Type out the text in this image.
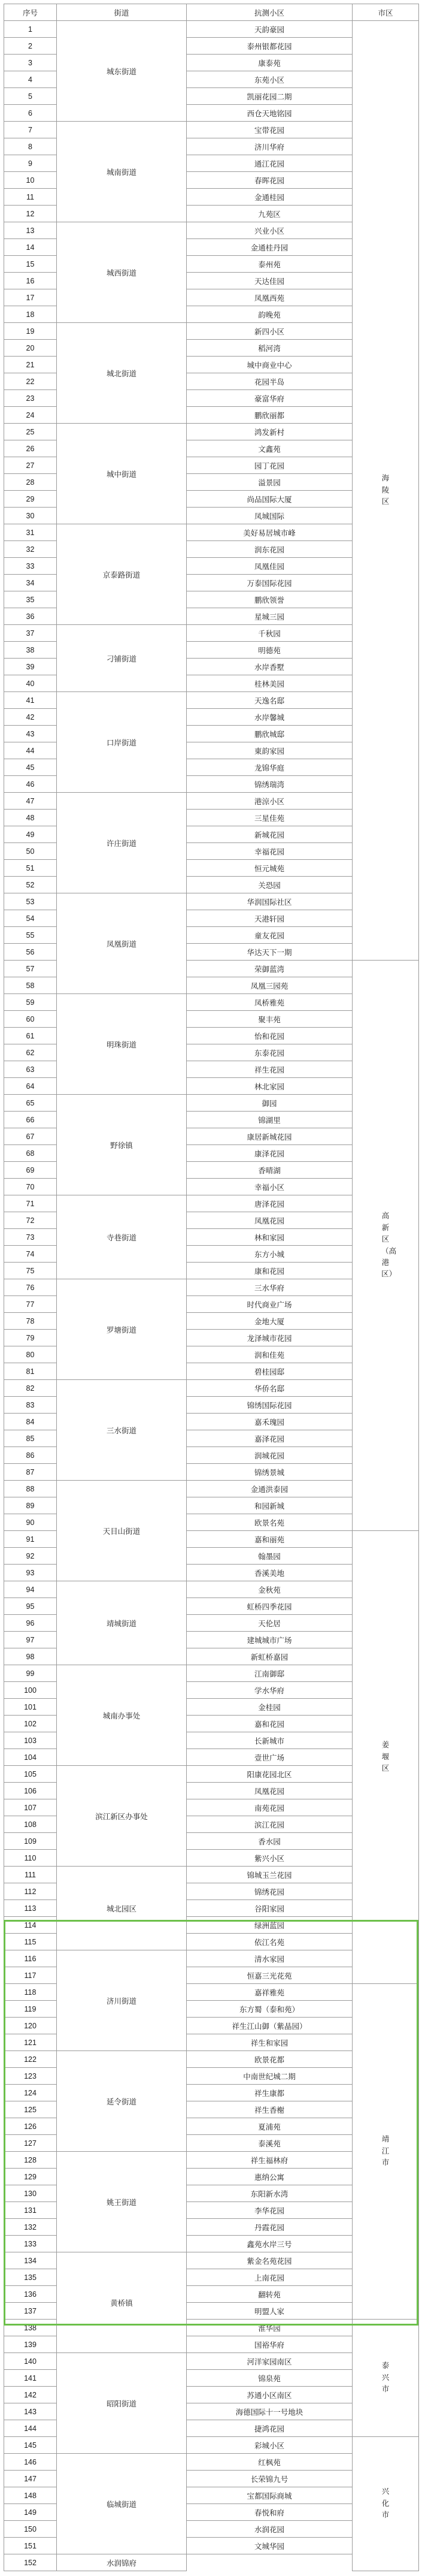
序号	街道	抗测小区	市区
1	城东街道	天韵豪园	海陵区
2		泰州银都花园	
3		康泰苑	
4		东苑小区	
5		凯丽花园二期	
6		西仓天地铭园	
7	城南街道	宝带花园	
8		济川华府	
9		通江花园	
10		春晖花园	
11		金通桂园	
12		九苑区	
13	城西街道	兴业小区	
14		金通桂丹园	
15		泰州苑	
16		天达佳园	
17		凤凰西苑	
18		韵晚苑	
19	城北街道	新四小区	
20		稻河湾	
21		城中商业中心	
22		花园半岛	
23		豪富华府	
24		鹏欣丽都	
25	城中街道	鸿发新村	
26		文鑫苑	
27		园丁花园	
28		溢景园	
29		尚品国际大厦	
30		凤城国际	
31	京泰路街道	美好易居城市峰	
32		润东花园	
33		凤凰佳园	
34		万泰国际花园	
35		鹏欣领誉	
36		星城三园	
37	刁铺街道	千秋园	
38		明德苑	
39		水岸香墅	
40		桂林美园	
41	口岸街道	天逸名邸	
42		水岸馨城	
43		鹏欣城邸	
44		東韵家园	
45		龙锦华庭	
46		锦绣瑞湾	
47	许庄街道	港涼小区	
48		三星佳苑	
49		新城花园	
50		幸福花园	
51		恒元城苑	
52		关恐园	
53	凤凰街道	华润国际社区	
54		天港轩园	
55		童友花园	
56		华达天下一期	
57		荣御蓝湾	高新区（高港区）
58		凤凰三园苑	
59	明珠街道	凤桥雅苑	
60		聚丰苑	
61		怡和花园	
62		东泰花园	
63		祥生花园	
64		林北家园	
65	野徐镇	御园	
66		锦湖里	
67		康居新城花园	
68		康泽花园	
69		香晴湖	
70		幸福小区	
71	寺巷街道	唐泽花园	
72		凤凰花园	
73		林和家园	
74		东方小城	
75		康和花园	
76	罗塘街道	三水华府	
77		时代商业广场	
78		金地大厦	
79		龙泽城市花园	
80		润和佳苑	
81		碧桂园邸	
82	三水街道	华侨名邸	
83		锦绣国际花园	
84		嘉禾瑰园	
85		嘉泽花园	
86		润城花园	
87		锦绣景城	
88	天目山街道	金通洪泰园	
89		和园新城	
90		欧景名苑	
91		嘉和丽苑	姜堰区
92		翰墨园	
93		香溪美地	
94	靖城街道	金秋苑	
95		虹桥四季花园	
96		天伦居	
97		建城城市广场	
98		新虹桥嘉园	
99	城南办事处	江南御邸	
100		学水华府	
101		金桂园	
102		嘉和花园	
103		长新城市	
104		壹世广场	
105	滨江新区办事处	阳康花园北区	
106		凤凰花园	
107		南苑花园	
108		滨江花园	
109		香水园	
110		紫兴小区	
111	城北园区	锦城玉兰花园	
112		锦绣花园	
113		谷阳家园	
114		绿洲蓝园	
115		依江名苑	
116	济川街道	清水家园	
117		恒嘉三光花苑	
118		嘉祥雅苑	靖江市
119		东方蜀（泰和苑）	
120		祥生江山御（紫晶园）	
121		祥生和家园	
122	延令街道	欧景花都	
123		中南世纪城二期	
124		祥生康都	
125		祥生香榭	
126		夏浦苑	
127		泰溪苑	
128	姚王街道	祥生福林府	
129		惠纳公寓	
130		东阳新水湾	
131		李华花园	
132		丹霞花园	
133		鑫苑水岸三号	
134	黄桥镇	紫金名苑花园	
135		上南花园	
136		翻转苑	
137		明盟人家	
138		淮华园	泰兴市
139		国裕华府	
140	昭阳街道	河洋家园南区	
141		锦泉苑	
142		苏通小区南区	
143		海德国际十一号地块	
144		捷鸿花园	
145		彩城小区	兴化市
146	临城街道	红枫苑	
147		长荣锦九号	
148		宝都国际商城	
149		春悦和府	
150		水润花园	
151		文城华园	
152	水润锦府		
